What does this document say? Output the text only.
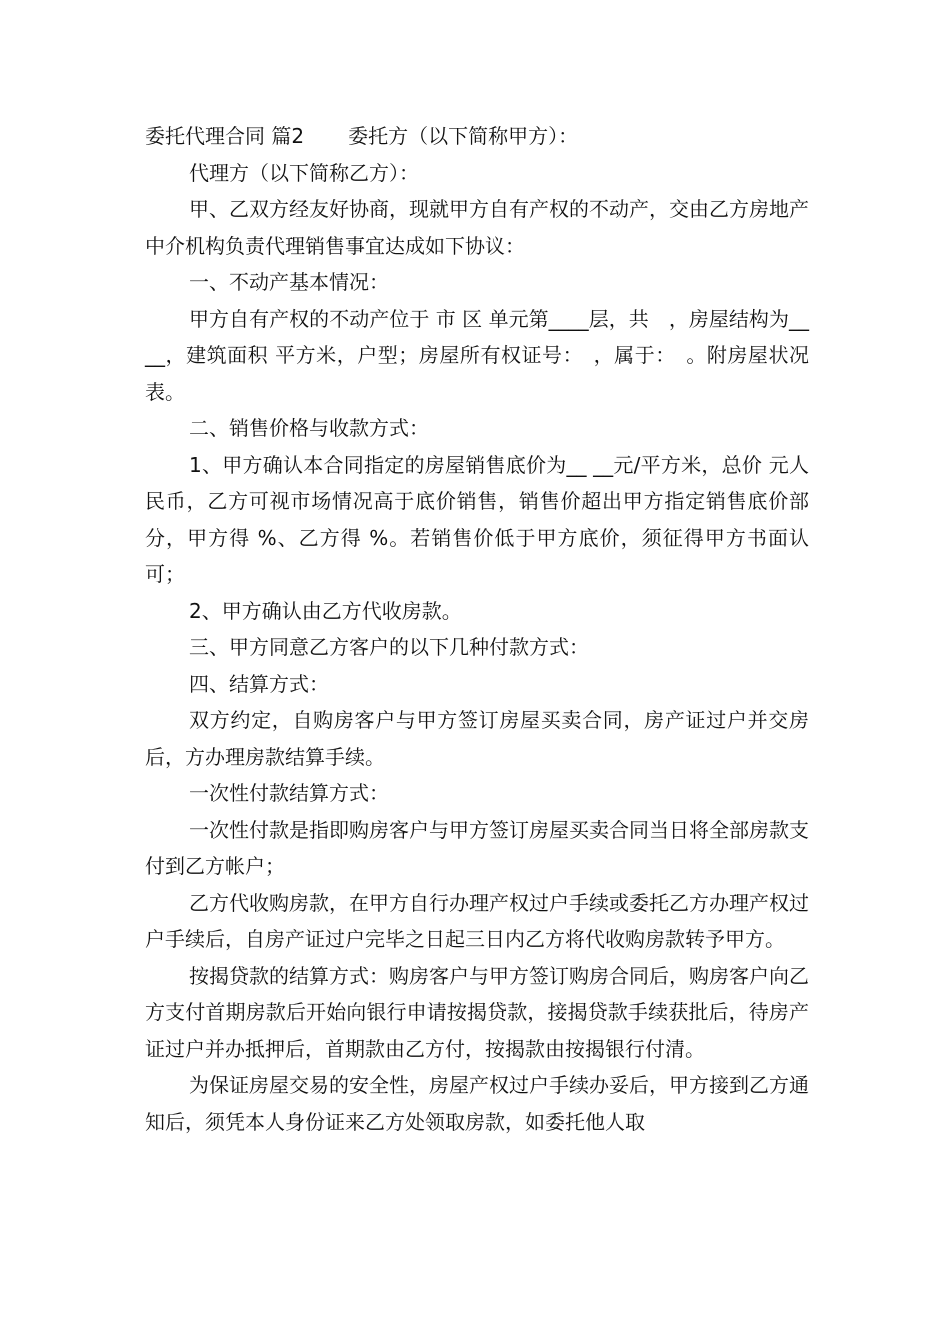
委托代理合同 篇2 委托方（以下简称甲方）：

代理方（以下简称乙方）：

甲、乙双方经友好协商，现就甲方自有产权的不动产，交由乙方房地产中介机构负责代理销售事宜达成如下协议：

一、不动产基本情况：

甲方自有产权的不动产位于 市 区 单元第____层，共　，房屋结构为__ __，建筑面积 平方米，户型；房屋所有权证号：　，属于：　。附房屋状况表。

二、销售价格与收款方式：

1、甲方确认本合同指定的房屋销售底价为__ __元/平方米，总价 元人民币，乙方可视市场情况高于底价销售，销售价超出甲方指定销售底价部分，甲方得 %、乙方得 %。若销售价低于甲方底价，须征得甲方书面认可；

2、甲方确认由乙方代收房款。

三、甲方同意乙方客户的以下几种付款方式：

四、结算方式：

双方约定，自购房客户与甲方签订房屋买卖合同，房产证过户并交房后，方办理房款结算手续。

一次性付款结算方式：

一次性付款是指即购房客户与甲方签订房屋买卖合同当日将全部房款支付到乙方帐户；

乙方代收购房款，在甲方自行办理产权过户手续或委托乙方办理产权过户手续后，自房产证过户完毕之日起三日内乙方将代收购房款转予甲方。

按揭贷款的结算方式：购房客户与甲方签订购房合同后，购房客户向乙方支付首期房款后开始向银行申请按揭贷款，接揭贷款手续获批后，待房产证过户并办抵押后，首期款由乙方付，按揭款由按揭银行付清。

为保证房屋交易的安全性，房屋产权过户手续办妥后，甲方接到乙方通知后，须凭本人身份证来乙方处领取房款，如委托他人取
